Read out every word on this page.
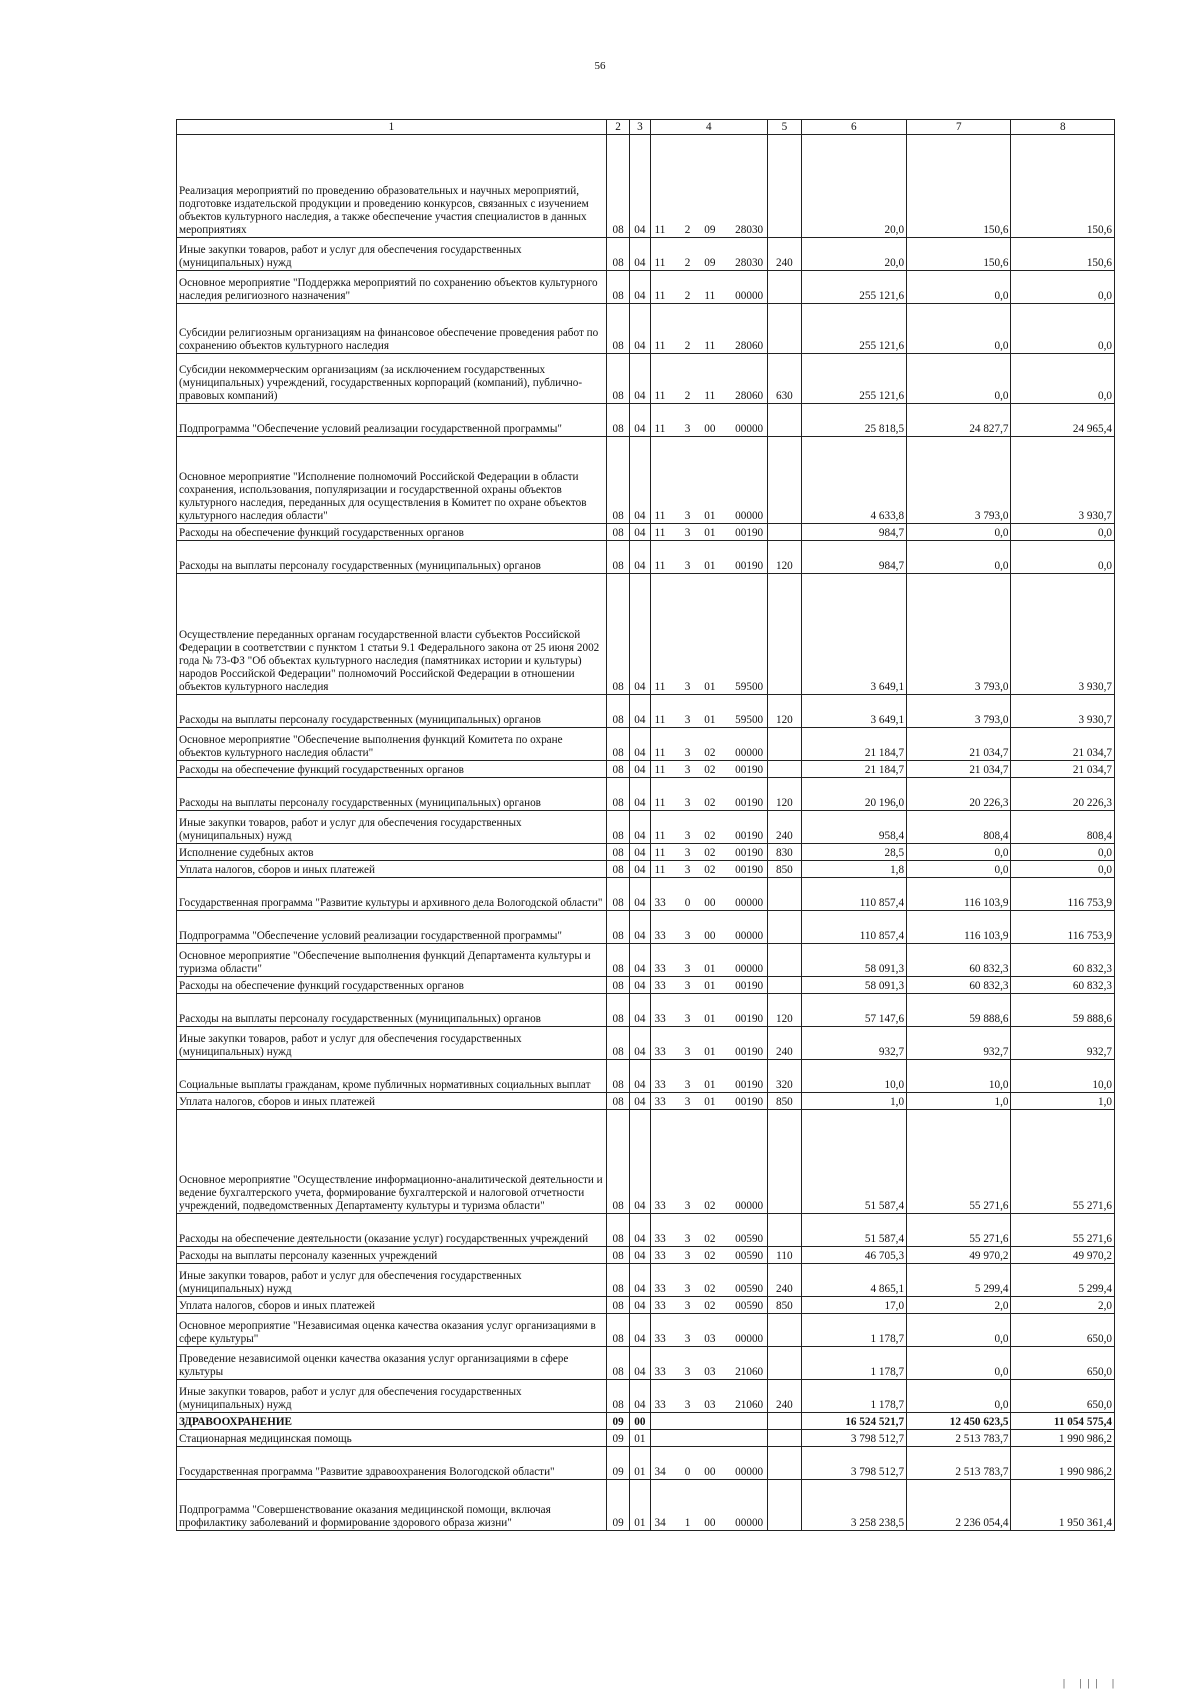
56
1	2	3	4				5	6	7	8
Реализация мероприятий по проведению образовательных и научных мероприятий, подготовке издательской продукции и проведению конкурсов, связанных с изучением объектов культурного наследия, а также обеспечение участия специалистов в данных мероприятиях	08	04	11	2	09	28030		20,0	150,6	150,6
Иные закупки товаров, работ и услуг для обеспечения государственных (муниципальных) нужд	08	04	11	2	09	28030	240	20,0	150,6	150,6
Основное мероприятие "Поддержка мероприятий по сохранению объектов культурного наследия религиозного назначения"	08	04	11	2	11	00000		255 121,6	0,0	0,0
Субсидии религиозным организациям на финансовое обеспечение проведения работ по сохранению объектов культурного наследия	08	04	11	2	11	28060		255 121,6	0,0	0,0
Субсидии некоммерческим организациям (за исключением государственных (муниципальных) учреждений, государственных корпораций (компаний), публично-правовых компаний)	08	04	11	2	11	28060	630	255 121,6	0,0	0,0
Подпрограмма "Обеспечение условий реализации государственной программы"	08	04	11	3	00	00000		25 818,5	24 827,7	24 965,4
Основное мероприятие "Исполнение полномочий Российской Федерации в области сохранения, использования, популяризации и государственной охраны объектов культурного наследия, переданных для осуществления в Комитет по охране объектов культурного наследия области"	08	04	11	3	01	00000		4 633,8	3 793,0	3 930,7
Расходы на обеспечение функций государственных органов	08	04	11	3	01	00190		984,7	0,0	0,0
Расходы на выплаты персоналу государственных (муниципальных) органов	08	04	11	3	01	00190	120	984,7	0,0	0,0
Осуществление переданных органам государственной власти субъектов Российской Федерации в соответствии с пунктом 1 статьи 9.1 Федерального закона от 25 июня 2002 года № 73-ФЗ "Об объектах культурного наследия (памятниках истории и культуры) народов Российской Федерации" полномочий Российской Федерации в отношении объектов культурного наследия	08	04	11	3	01	59500		3 649,1	3 793,0	3 930,7
Расходы на выплаты персоналу государственных (муниципальных) органов	08	04	11	3	01	59500	120	3 649,1	3 793,0	3 930,7
Основное мероприятие "Обеспечение выполнения функций Комитета по охране объектов культурного наследия области"	08	04	11	3	02	00000		21 184,7	21 034,7	21 034,7
Расходы на обеспечение функций государственных органов	08	04	11	3	02	00190		21 184,7	21 034,7	21 034,7
Расходы на выплаты персоналу государственных (муниципальных) органов	08	04	11	3	02	00190	120	20 196,0	20 226,3	20 226,3
Иные закупки товаров, работ и услуг для обеспечения государственных (муниципальных) нужд	08	04	11	3	02	00190	240	958,4	808,4	808,4
Исполнение судебных актов	08	04	11	3	02	00190	830	28,5	0,0	0,0
Уплата налогов, сборов и иных платежей	08	04	11	3	02	00190	850	1,8	0,0	0,0
Государственная программа "Развитие культуры и архивного дела Вологодской области"	08	04	33	0	00	00000		110 857,4	116 103,9	116 753,9
Подпрограмма "Обеспечение условий реализации государственной программы"	08	04	33	3	00	00000		110 857,4	116 103,9	116 753,9
Основное мероприятие "Обеспечение выполнения функций Департамента культуры и туризма области"	08	04	33	3	01	00000		58 091,3	60 832,3	60 832,3
Расходы на обеспечение функций государственных органов	08	04	33	3	01	00190		58 091,3	60 832,3	60 832,3
Расходы на выплаты персоналу государственных (муниципальных) органов	08	04	33	3	01	00190	120	57 147,6	59 888,6	59 888,6
Иные закупки товаров, работ и услуг для обеспечения государственных (муниципальных) нужд	08	04	33	3	01	00190	240	932,7	932,7	932,7
Социальные выплаты гражданам, кроме публичных нормативных социальных выплат	08	04	33	3	01	00190	320	10,0	10,0	10,0
Уплата налогов, сборов и иных платежей	08	04	33	3	01	00190	850	1,0	1,0	1,0
Основное мероприятие "Осуществление информационно-аналитической деятельности и ведение бухгалтерского учета, формирование бухгалтерской и налоговой отчетности учреждений, подведомственных Департаменту культуры и туризма области"	08	04	33	3	02	00000		51 587,4	55 271,6	55 271,6
Расходы на обеспечение деятельности (оказание услуг) государственных учреждений	08	04	33	3	02	00590		51 587,4	55 271,6	55 271,6
Расходы на выплаты персоналу казенных учреждений	08	04	33	3	02	00590	110	46 705,3	49 970,2	49 970,2
Иные закупки товаров, работ и услуг для обеспечения государственных (муниципальных) нужд	08	04	33	3	02	00590	240	4 865,1	5 299,4	5 299,4
Уплата налогов, сборов и иных платежей	08	04	33	3	02	00590	850	17,0	2,0	2,0
Основное мероприятие "Независимая оценка качества оказания услуг организациями в сфере культуры"	08	04	33	3	03	00000		1 178,7	0,0	650,0
Проведение независимой оценки качества оказания услуг организациями в сфере культуры	08	04	33	3	03	21060		1 178,7	0,0	650,0
Иные закупки товаров, работ и услуг для обеспечения государственных (муниципальных) нужд	08	04	33	3	03	21060	240	1 178,7	0,0	650,0
ЗДРАВООХРАНЕНИЕ	09	00						16 524 521,7	12 450 623,5	11 054 575,4
Стационарная медицинская помощь	09	01						3 798 512,7	2 513 783,7	1 990 986,2
Государственная программа "Развитие здравоохранения Вологодской области"	09	01	34	0	00	00000		3 798 512,7	2 513 783,7	1 990 986,2
Подпрограмма "Совершенствование оказания медицинской помощи, включая профилактику заболеваний и формирование здорового образа жизни"	09	01	34	1	00	00000		3 258 238,5	2 236 054,4	1 950 361,4
| ||| |
